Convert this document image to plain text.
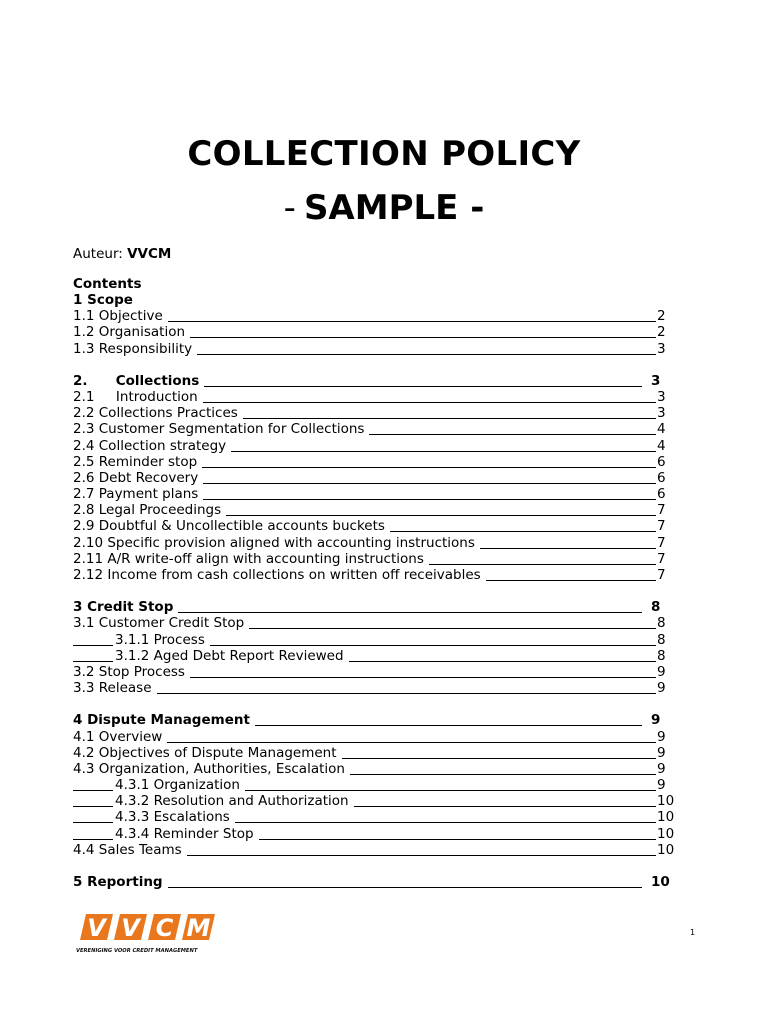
COLLECTION POLICY
- SAMPLE -
Auteur: VVCM
Contents
1 Scope
1.1 Objective	2
1.2 Organisation	2
1.3 Responsibility	3
2.      Collections	3
2.1     Introduction	3
2.2 Collections Practices	3
2.3 Customer Segmentation for Collections	4
2.4 Collection strategy	4
2.5 Reminder stop	6
2.6 Debt Recovery	6
2.7 Payment plans	6
2.8 Legal Proceedings	7
2.9 Doubtful & Uncollectible accounts buckets	7
2.10 Specific provision aligned with accounting instructions	7
2.11 A/R write-off align with accounting instructions	7
2.12 Income from cash collections on written off receivables	7
3 Credit Stop	8
3.1 Customer Credit Stop	8
3.1.1 Process	8
3.1.2 Aged Debt Report Reviewed	8
3.2 Stop Process	9
3.3 Release	9
4 Dispute Management	9
4.1 Overview	9
4.2 Objectives of Dispute Management	9
4.3 Organization, Authorities, Escalation	9
4.3.1 Organization	9
4.3.2 Resolution and Authorization	10
4.3.3 Escalations	10
4.3.4 Reminder Stop	10
4.4 Sales Teams	10
5 Reporting	10
V V C M
VERENIGING VOOR CREDIT MANAGEMENT
1
